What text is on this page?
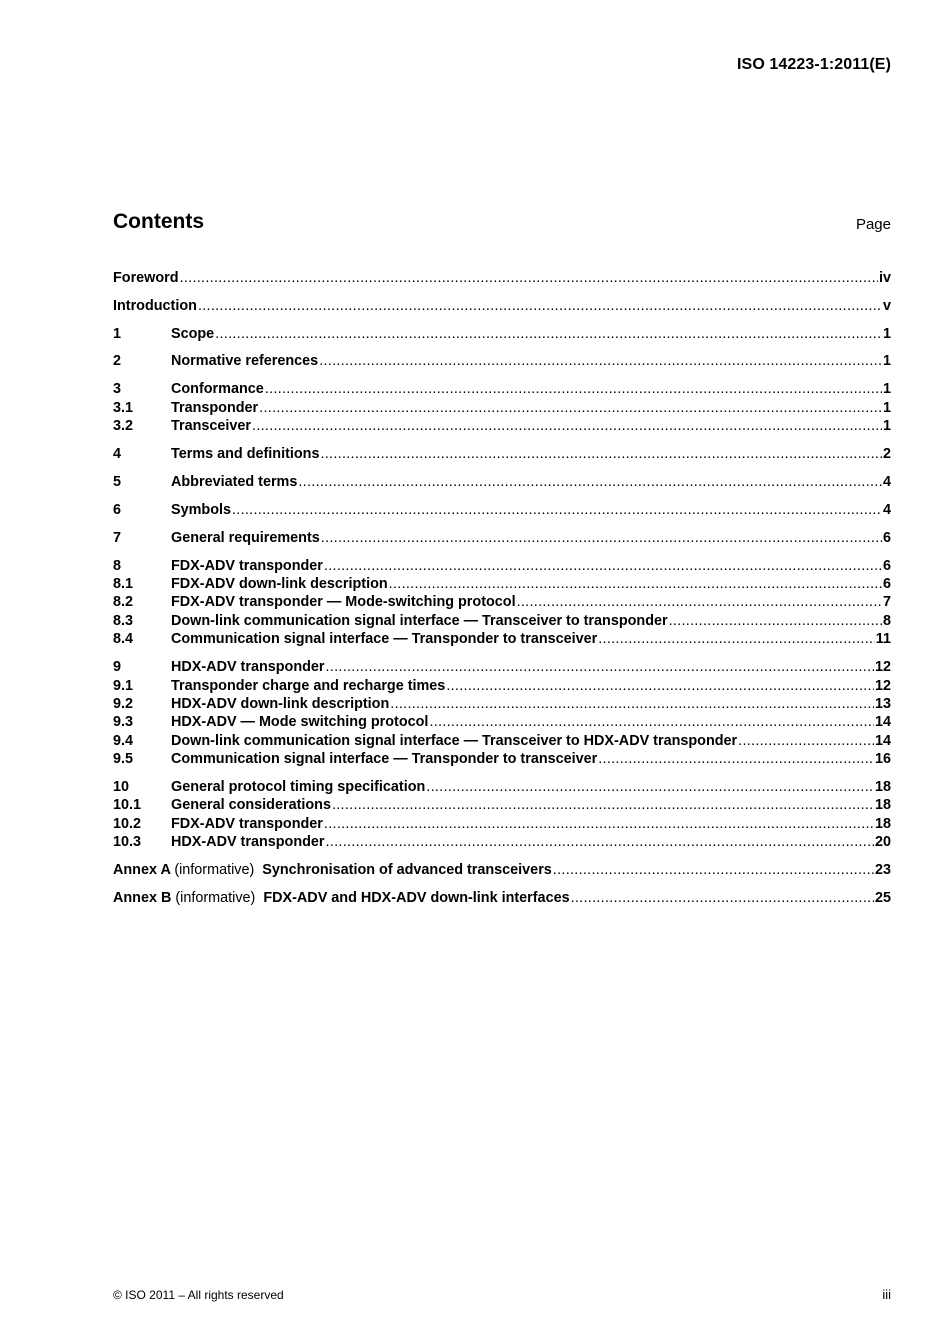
ISO 14223-1:2011(E)
Contents	Page
Foreword .....	iv
Introduction .....	v
1	Scope .....	1
2	Normative references .....	1
3	Conformance .....	1
3.1	Transponder .....	1
3.2	Transceiver .....	1
4	Terms and definitions .....	2
5	Abbreviated terms .....	4
6	Symbols .....	4
7	General requirements .....	6
8	FDX-ADV transponder .....	6
8.1	FDX-ADV down-link description .....	6
8.2	FDX-ADV transponder — Mode-switching protocol .....	7
8.3	Down-link communication signal interface — Transceiver to transponder .....	8
8.4	Communication signal interface — Transponder to transceiver .....	11
9	HDX-ADV transponder .....	12
9.1	Transponder charge and recharge times .....	12
9.2	HDX-ADV down-link description .....	13
9.3	HDX-ADV — Mode switching protocol .....	14
9.4	Down-link communication signal interface — Transceiver to HDX-ADV transponder .....	14
9.5	Communication signal interface — Transponder to transceiver .....	16
10	General protocol timing specification .....	18
10.1	General considerations .....	18
10.2	FDX-ADV transponder .....	18
10.3	HDX-ADV transponder .....	20
Annex A (informative) Synchronisation of advanced transceivers .....	23
Annex B (informative) FDX-ADV and HDX-ADV down-link interfaces .....	25
© ISO 2011 – All rights reserved	iii
